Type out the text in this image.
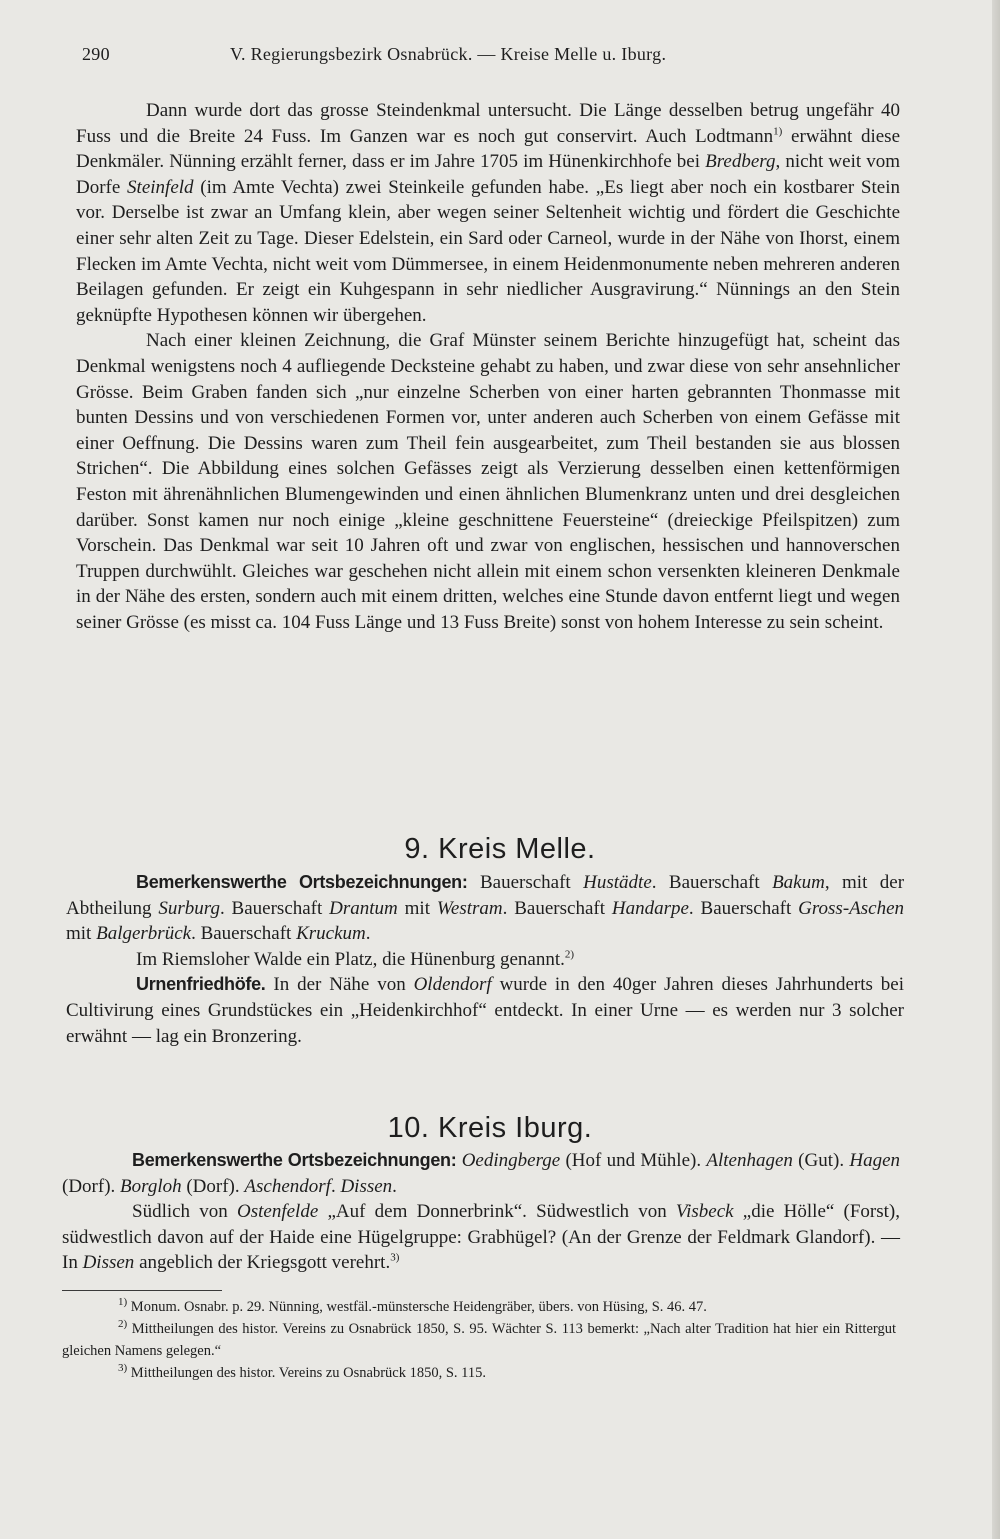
290	V. Regierungsbezirk Osnabrück. — Kreise Melle u. Iburg.

Dann wurde dort das grosse Steindenkmal untersucht. Die Länge desselben betrug ungefähr 40 Fuss und die Breite 24 Fuss. Im Ganzen war es noch gut conservirt. Auch Lodtmann$^{1)}$ erwähnt diese Denkmäler. Nünning erzählt ferner, dass er im Jahre 1705 im Hünenkirchhofe bei Bredberg, nicht weit vom Dorfe Steinfeld (im Amte Vechta) zwei Steinkeile gefunden habe. „Es liegt aber noch ein kostbarer Stein vor. Derselbe ist zwar an Umfang klein, aber wegen seiner Seltenheit wichtig und fördert die Geschichte einer sehr alten Zeit zu Tage. Dieser Edelstein, ein Sard oder Carneol, wurde in der Nähe von Ihorst, einem Flecken im Amte Vechta, nicht weit vom Dümmersee, in einem Heidenmonumente neben mehreren anderen Beilagen gefunden. Er zeigt ein Kuhgespann in sehr niedlicher Ausgravirung.“ Nünnings an den Stein geknüpfte Hypothesen können wir übergehen.

Nach einer kleinen Zeichnung, die Graf Münster seinem Berichte hinzugefügt hat, scheint das Denkmal wenigstens noch 4 aufliegende Decksteine gehabt zu haben, und zwar diese von sehr ansehnlicher Grösse. Beim Graben fanden sich „nur einzelne Scherben von einer harten gebrannten Thonmasse mit bunten Dessins und von verschiedenen Formen vor, unter anderen auch Scherben von einem Gefässe mit einer Oeffnung. Die Dessins waren zum Theil fein ausgearbeitet, zum Theil bestanden sie aus blossen Strichen“. Die Abbildung eines solchen Gefässes zeigt als Verzierung desselben einen kettenförmigen Feston mit ährenähnlichen Blumengewinden und einen ähnlichen Blumenkranz unten und drei desgleichen darüber. Sonst kamen nur noch einige „kleine geschnittene Feuersteine“ (dreieckige Pfeilspitzen) zum Vorschein. Das Denkmal war seit 10 Jahren oft und zwar von englischen, hessischen und hannoverschen Truppen durchwühlt. Gleiches war geschehen nicht allein mit einem schon versenkten kleineren Denkmale in der Nähe des ersten, sondern auch mit einem dritten, welches eine Stunde davon entfernt liegt und wegen seiner Grösse (es misst ca. 104 Fuss Länge und 13 Fuss Breite) sonst von hohem Interesse zu sein scheint.

9. Kreis Melle.

Bemerkenswerthe Ortsbezeichnungen: Bauerschaft Hustädte. Bauerschaft Bakum, mit der Abtheilung Surburg. Bauerschaft Drantum mit Westram. Bauerschaft Handarpe. Bauerschaft Gross-Aschen mit Balgerbrück. Bauerschaft Kruckum.

Im Riemsloher Walde ein Platz, die Hünenburg genannt.$^{2)}$

Urnenfriedhöfe. In der Nähe von Oldendorf wurde in den 40ger Jahren dieses Jahrhunderts bei Cultivirung eines Grundstückes ein „Heidenkirchhof“ entdeckt. In einer Urne — es werden nur 3 solcher erwähnt — lag ein Bronzering.

10. Kreis Iburg.

Bemerkenswerthe Ortsbezeichnungen: Oedingberge (Hof und Mühle). Altenhagen (Gut). Hagen (Dorf). Borgloh (Dorf). Aschendorf. Dissen.

Südlich von Ostenfelde „Auf dem Donnerbrink“. Südwestlich von Visbeck „die Hölle“ (Forst), südwestlich davon auf der Haide eine Hügelgruppe: Grabhügel? (An der Grenze der Feldmark Glandorf). — In Dissen angeblich der Kriegsgott verehrt.$^{3)}$

$^{1)}$ Monum. Osnabr. p. 29. Nünning, westfäl.-münstersche Heidengräber, übers. von Hüsing, S. 46. 47.

$^{2)}$ Mittheilungen des histor. Vereins zu Osnabrück 1850, S. 95. Wächter S. 113 bemerkt: „Nach alter Tradition hat hier ein Rittergut gleichen Namens gelegen.“

$^{3)}$ Mittheilungen des histor. Vereins zu Osnabrück 1850, S. 115.
